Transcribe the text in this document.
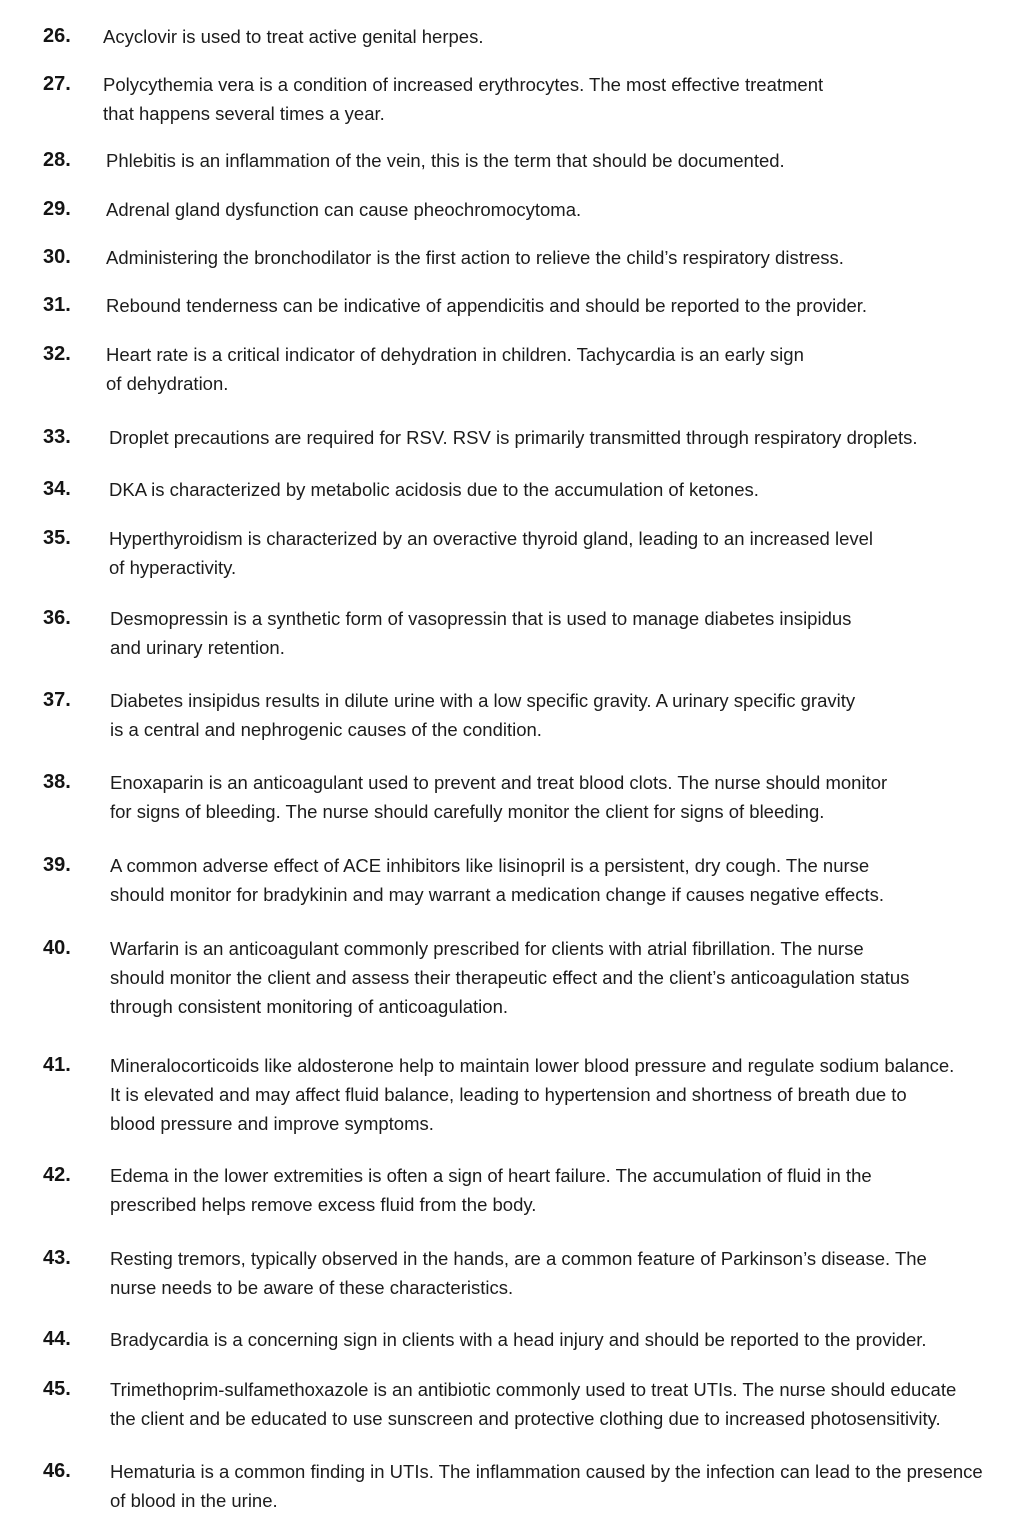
26. Acyclovir is used to treat active genital herpes.
27. Polycythemia vera is a condition of increased erythrocytes. The most effective treatment
that happens several times a year.
28. Phlebitis is an inflammation of the vein, this is the term that should be documented.
29. Adrenal gland dysfunction can cause pheochromocytoma.
30. Administering the bronchodilator is the first action to relieve the child’s respiratory distress.
31. Rebound tenderness can be indicative of appendicitis and should be reported to the provider.
32. Heart rate is a critical indicator of dehydration in children. Tachycardia is an early sign
of dehydration.
33. Droplet precautions are required for RSV. RSV is primarily transmitted through respiratory droplets.
34. DKA is characterized by metabolic acidosis due to the accumulation of ketones.
35. Hyperthyroidism is characterized by an overactive thyroid gland, leading to an increased level
of hyperactivity.
36. Desmopressin is a synthetic form of vasopressin that is used to manage diabetes insipidus
and urinary retention.
37. Diabetes insipidus results in dilute urine with a low specific gravity. A urinary specific gravity
is a central and nephrogenic causes of the condition.
38. Enoxaparin is an anticoagulant used to prevent and treat blood clots. The nurse should monitor
for signs of bleeding. The nurse should carefully monitor the client for signs of bleeding.
39. A common adverse effect of ACE inhibitors like lisinopril is a persistent, dry cough. The nurse
should monitor for bradykinin and may warrant a medication change if causes negative effects.
40. Warfarin is an anticoagulant commonly prescribed for clients with atrial fibrillation. The nurse
should monitor the client and assess their therapeutic effect and the client’s anticoagulation status
through consistent monitoring of anticoagulation.
41. Mineralocorticoids like aldosterone help to maintain lower blood pressure and regulate sodium balance.
It is elevated and may affect fluid balance, leading to hypertension and shortness of breath due to
blood pressure and improve symptoms.
42. Edema in the lower extremities is often a sign of heart failure. The accumulation of fluid in the
prescribed helps remove excess fluid from the body.
43. Resting tremors, typically observed in the hands, are a common feature of Parkinson’s disease. The
nurse needs to be aware of these characteristics.
44. Bradycardia is a concerning sign in clients with a head injury and should be reported to the provider.
45. Trimethoprim-sulfamethoxazole is an antibiotic commonly used to treat UTIs. The nurse should educate
the client and be educated to use sunscreen and protective clothing due to increased photosensitivity.
46. Hematuria is a common finding in UTIs. The inflammation caused by the infection can lead to the presence
of blood in the urine.
